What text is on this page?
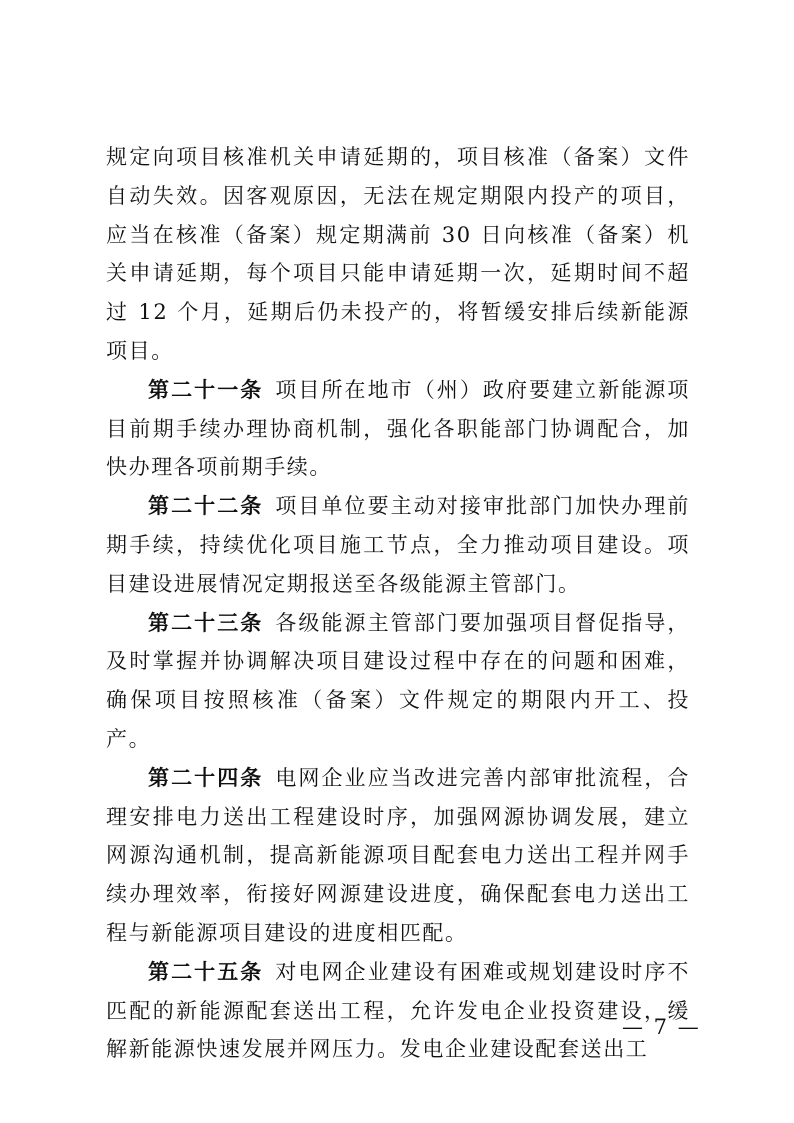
规定向项目核准机关申请延期的，项目核准（备案）文件自动失效。因客观原因，无法在规定期限内投产的项目，应当在核准（备案）规定期满前 30 日向核准（备案）机关申请延期，每个项目只能申请延期一次，延期时间不超过 12 个月，延期后仍未投产的，将暂缓安排后续新能源项目。

第二十一条 项目所在地市（州）政府要建立新能源项目前期手续办理协商机制，强化各职能部门协调配合，加快办理各项前期手续。

第二十二条 项目单位要主动对接审批部门加快办理前期手续，持续优化项目施工节点，全力推动项目建设。项目建设进展情况定期报送至各级能源主管部门。

第二十三条 各级能源主管部门要加强项目督促指导，及时掌握并协调解决项目建设过程中存在的问题和困难，确保项目按照核准（备案）文件规定的期限内开工、投产。

第二十四条 电网企业应当改进完善内部审批流程，合理安排电力送出工程建设时序，加强网源协调发展，建立网源沟通机制，提高新能源项目配套电力送出工程并网手续办理效率，衔接好网源建设进度，确保配套电力送出工程与新能源项目建设的进度相匹配。

第二十五条 对电网企业建设有困难或规划建设时序不匹配的新能源配套送出工程，允许发电企业投资建设，缓解新能源快速发展并网压力。发电企业建设配套送出工

— 7 —
